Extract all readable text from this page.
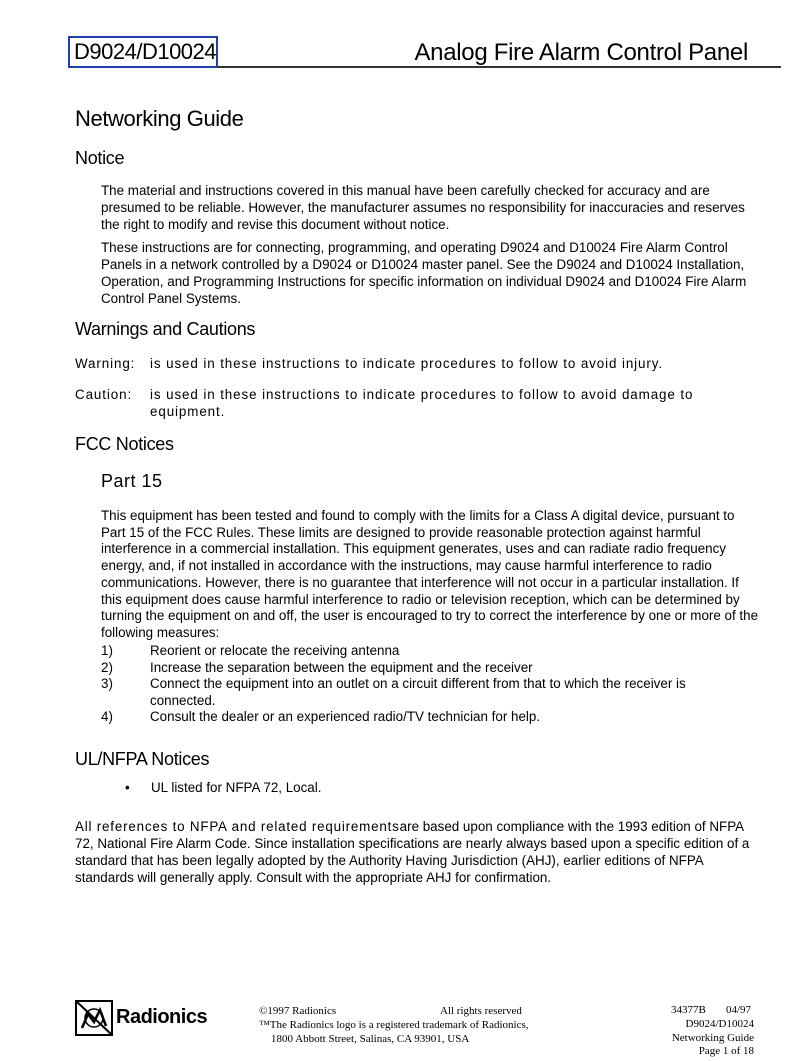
D9024/D10024	Analog Fire Alarm Control Panel
Networking Guide
Notice
The material and instructions covered in this manual have been carefully checked for accuracy and are presumed to be reliable. However, the manufacturer assumes no responsibility for inaccuracies and reserves the right to modify and revise this document without notice.
These instructions are for connecting, programming, and operating D9024 and D10024 Fire Alarm Control Panels in a network controlled by a D9024 or D10024 master panel. See the D9024 and D10024 Installation, Operation, and Programming Instructions for specific information on individual D9024 and D10024 Fire Alarm Control Panel Systems.
Warnings and Cautions
Warning: is used in these instructions to indicate procedures to follow to avoid injury.
Caution: is used in these instructions to indicate procedures to follow to avoid damage to equipment.
FCC Notices
Part 15
This equipment has been tested and found to comply with the limits for a Class A digital device, pursuant to Part 15 of the FCC Rules. These limits are designed to provide reasonable protection against harmful interference in a commercial installation. This equipment generates, uses and can radiate radio frequency energy, and, if not installed in accordance with the instructions, may cause harmful interference to radio communications. However, there is no guarantee that interference will not occur in a particular installation. If this equipment does cause harmful interference to radio or television reception, which can be determined by turning the equipment on and off, the user is encouraged to try to correct the interference by one or more of the following measures:
1)	Reorient or relocate the receiving antenna
2)	Increase the separation between the equipment and the receiver
3)	Connect the equipment into an outlet on a circuit different from that to which the receiver is connected.
4)	Consult the dealer or an experienced radio/TV technician for help.
UL/NFPA Notices
• UL listed for NFPA 72, Local.
All references to NFPA and related requirementsare based upon compliance with the 1993 edition of NFPA 72, National Fire Alarm Code. Since installation specifications are nearly always based upon a specific edition of a standard that has been legally adopted by the Authority Having Jurisdiction (AHJ), earlier editions of NFPA standards will generally apply. Consult with the appropriate AHJ for confirmation.
Radionics	©1997 Radionics	All rights reserved
™The Radionics logo is a registered trademark of Radionics,
1800 Abbott Street, Salinas, CA 93901, USA
34377B 04/97
D9024/D10024
Networking Guide
Page 1 of 18
